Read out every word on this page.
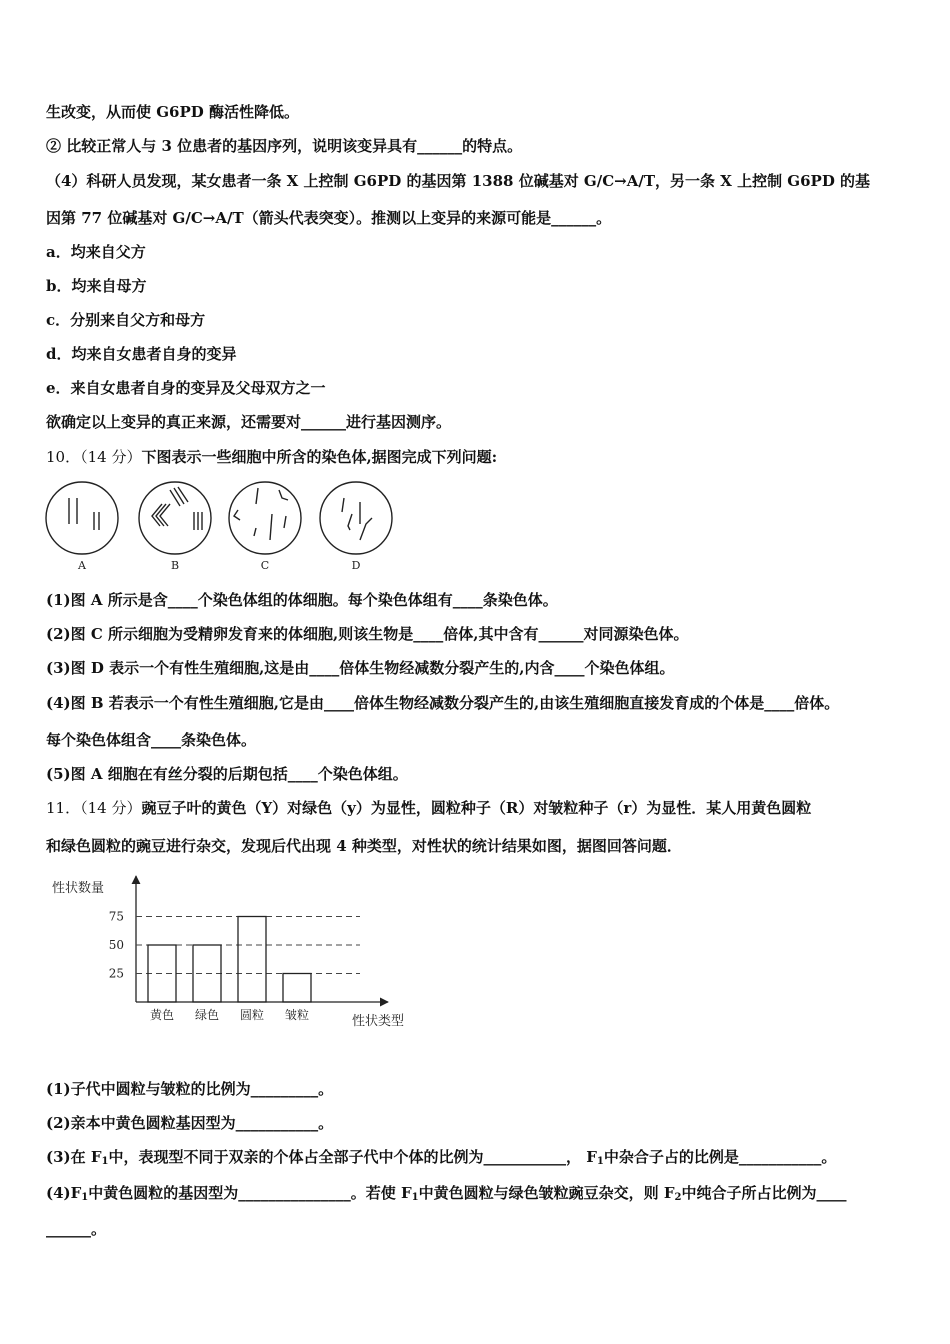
生改变，从而使 G6PD 酶活性降低。
② 比较正常人与 3 位患者的基因序列，说明该变异具有______的特点。
（4）科研人员发现，某女患者一条 X 上控制 G6PD 的基因第 1388 位碱基对 G/C→A/T，另一条 X 上控制 G6PD 的基
因第 77 位碱基对 G/C→A/T（箭头代表突变）。推测以上变异的来源可能是______。
a．均来自父方
b．均来自母方
c．分别来自父方和母方
d．均来自女患者自身的变异
e．来自女患者自身的变异及父母双方之一
欲确定以上变异的真正来源，还需要对______进行基因测序。
10．（14 分）下图表示一些细胞中所含的染色体,据图完成下列问题:
A	B	C	D
(1)图 A 所示是含____个染色体组的体细胞。每个染色体组有____条染色体。
(2)图 C 所示细胞为受精卵发育来的体细胞,则该生物是____倍体,其中含有______对同源染色体。
(3)图 D 表示一个有性生殖细胞,这是由____倍体生物经减数分裂产生的,内含____个染色体组。
(4)图 B 若表示一个有性生殖细胞,它是由____倍体生物经减数分裂产生的,由该生殖细胞直接发育成的个体是____倍体。
每个染色体组含____条染色体。
(5)图 A 细胞在有丝分裂的后期包括____个染色体组。
11．（14 分）豌豆子叶的黄色（Y）对绿色（y）为显性，圆粒种子（R）对皱粒种子（r）为显性．某人用黄色圆粒
和绿色圆粒的豌豆进行杂交，发现后代出现 4 种类型，对性状的统计结果如图，据图回答问题．
性状数量
性状类型
25
50
75
黄色 绿色 圆粒 皱粒
(1)子代中圆粒与皱粒的比例为_________。
(2)亲本中黄色圆粒基因型为___________。
(3)在 $F_1$中，表现型不同于双亲的个体占全部子代中个体的比例为___________， $F_1$中杂合子占的比例是___________。
$(4)F_1$中黄色圆粒的基因型为_______________。若使 $F_1$中黄色圆粒与绿色皱粒豌豆杂交，则 $F_2$中纯合子所占比例为____
______。
